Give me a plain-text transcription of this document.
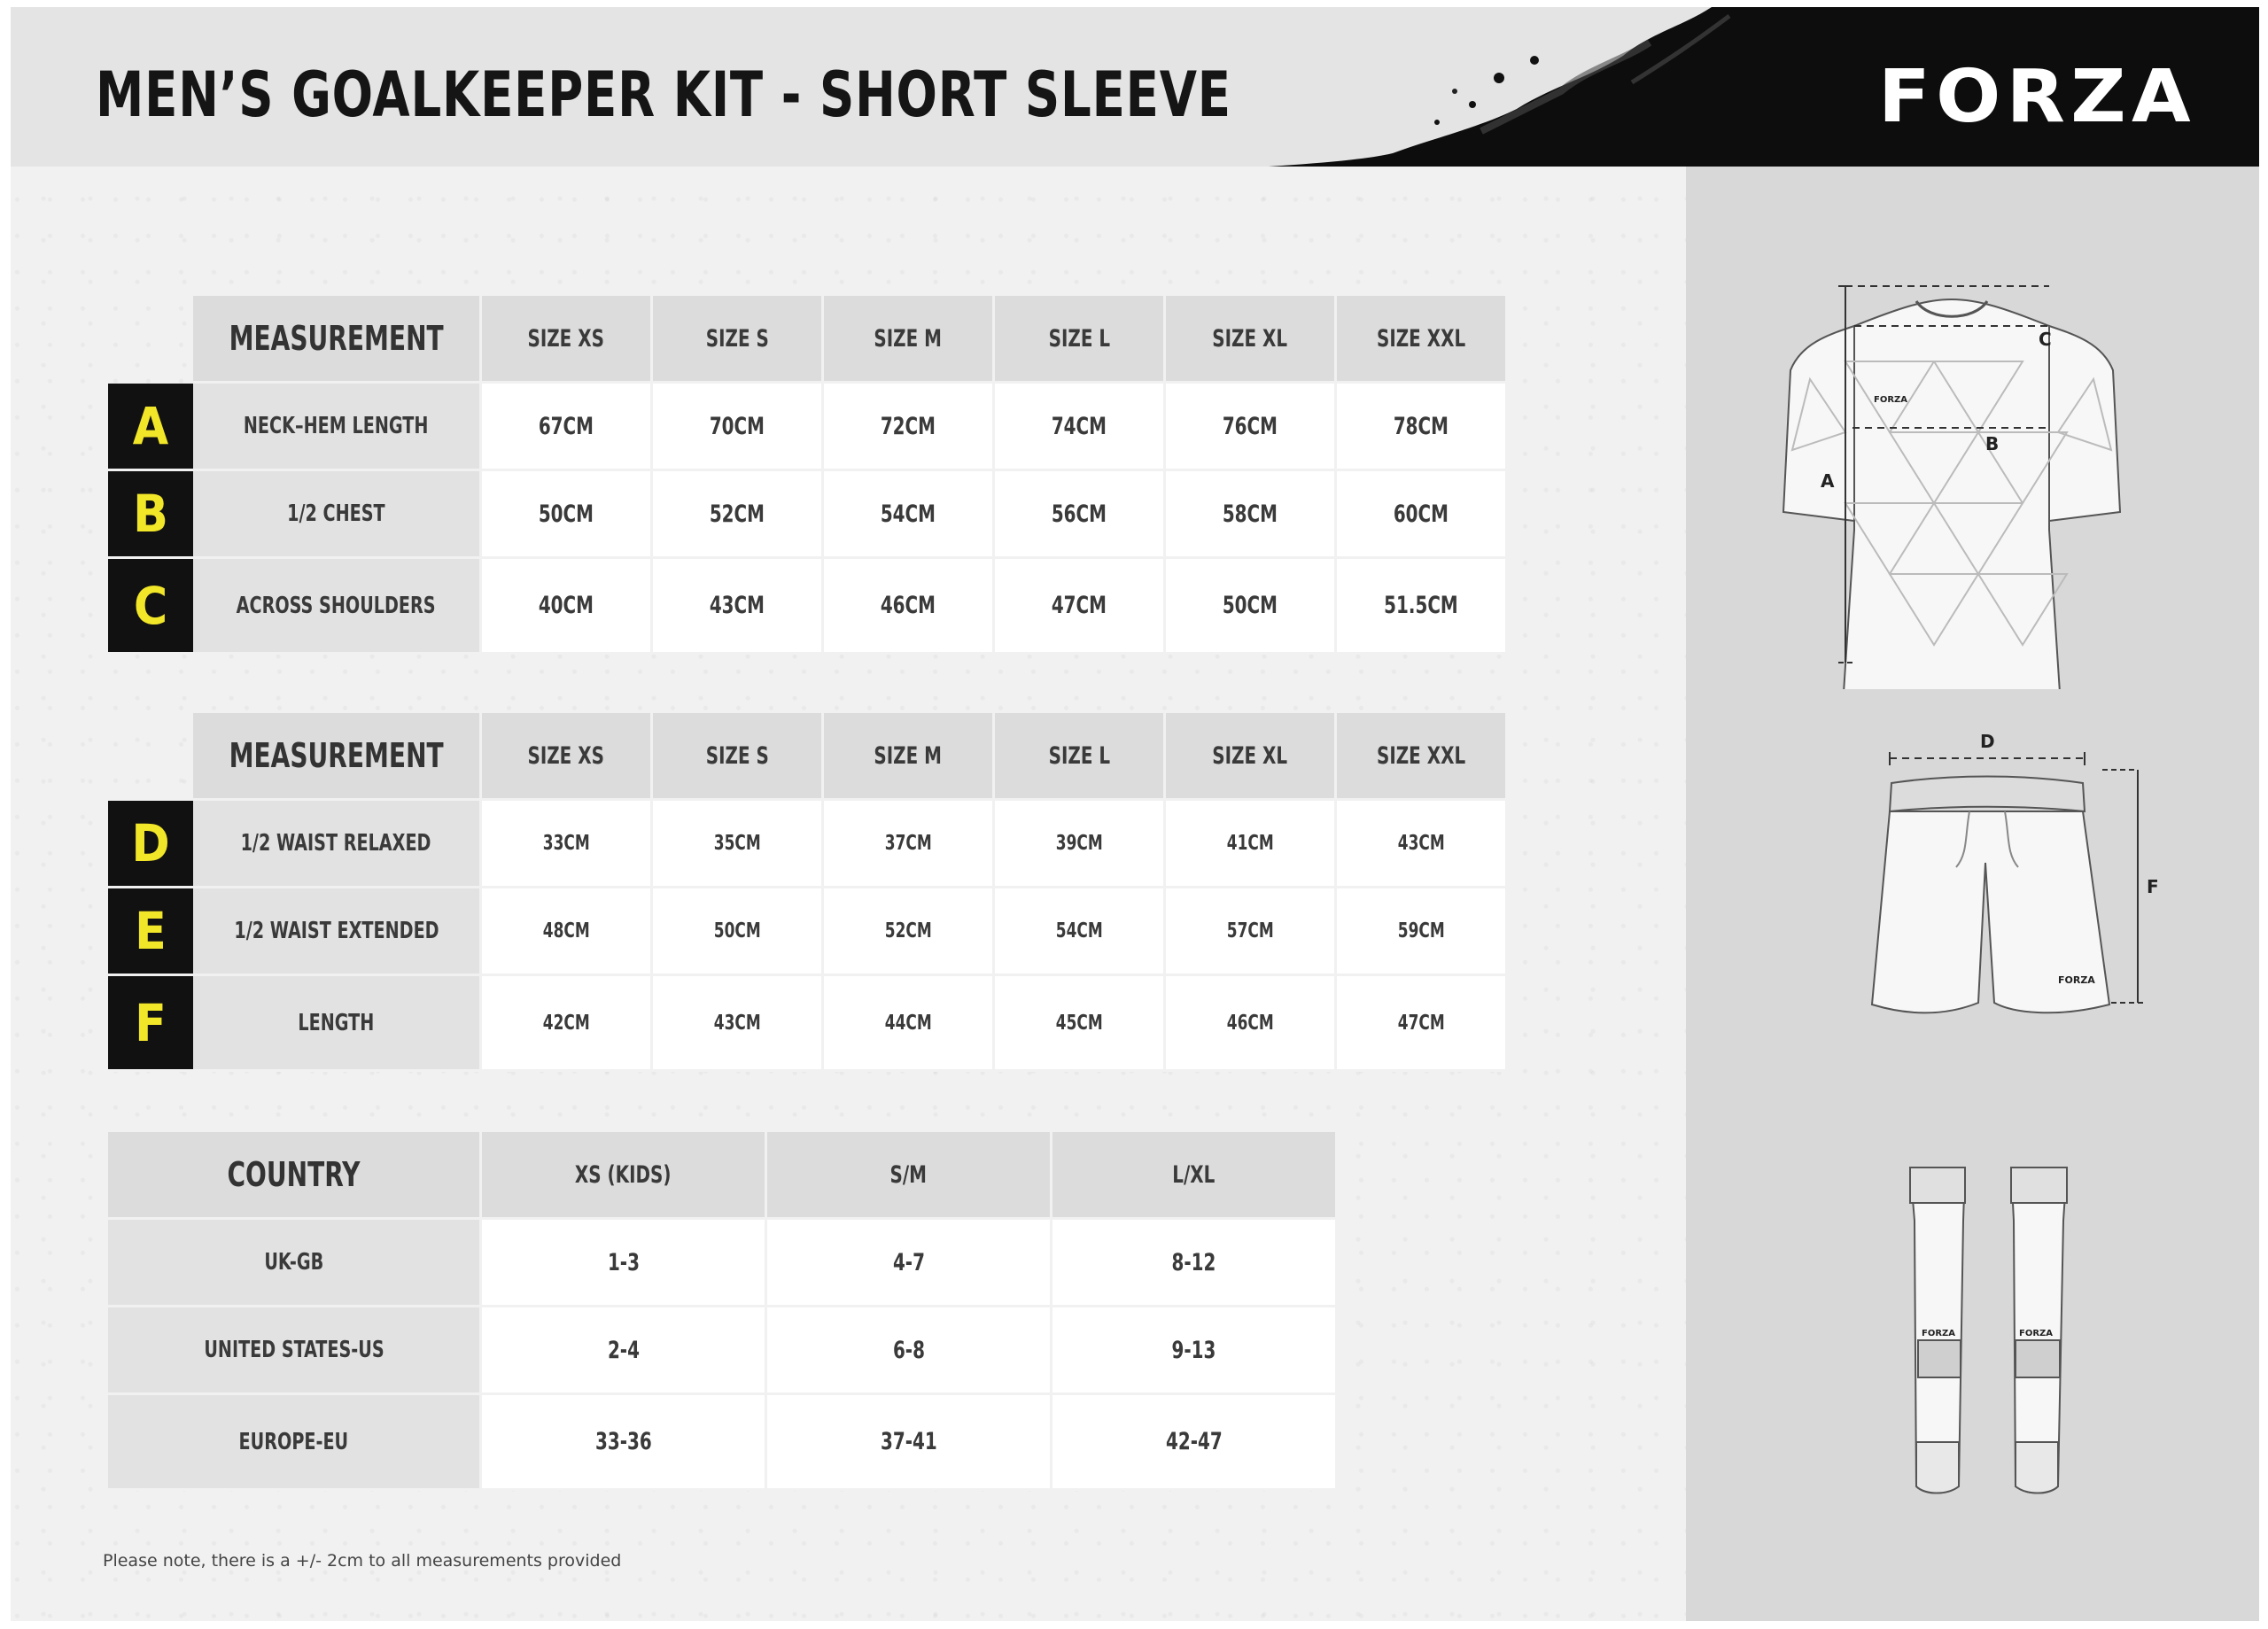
MEN’S GOALKEEPER KIT - SHORT SLEEVE	FORZA
C
B
A
FORZA
D
F
FORZA
FORZA	FORZA
	MEASUREMENT	SIZE XS	SIZE S	SIZE M	SIZE L	SIZE XL	SIZE XXL
A	NECK–HEM LENGTH	67CM	70CM	72CM	74CM	76CM	78CM
B	1/2 CHEST	50CM	52CM	54CM	56CM	58CM	60CM
C	ACROSS SHOULDERS	40CM	43CM	46CM	47CM	50CM	51.5CM
	MEASUREMENT	SIZE XS	SIZE S	SIZE M	SIZE L	SIZE XL	SIZE XXL
D	1/2 WAIST RELAXED	33CM	35CM	37CM	39CM	41CM	43CM
E	1/2 WAIST EXTENDED	48CM	50CM	52CM	54CM	57CM	59CM
F	LENGTH	42CM	43CM	44CM	45CM	46CM	47CM
COUNTRY	XS (KIDS)	S/M	L/XL
UK-GB	1-3	4-7	8-12
UNITED STATES-US	2-4	6-8	9-13
EUROPE-EU	33-36	37-41	42-47
Please note, there is a +/- 2cm to all measurements provided
